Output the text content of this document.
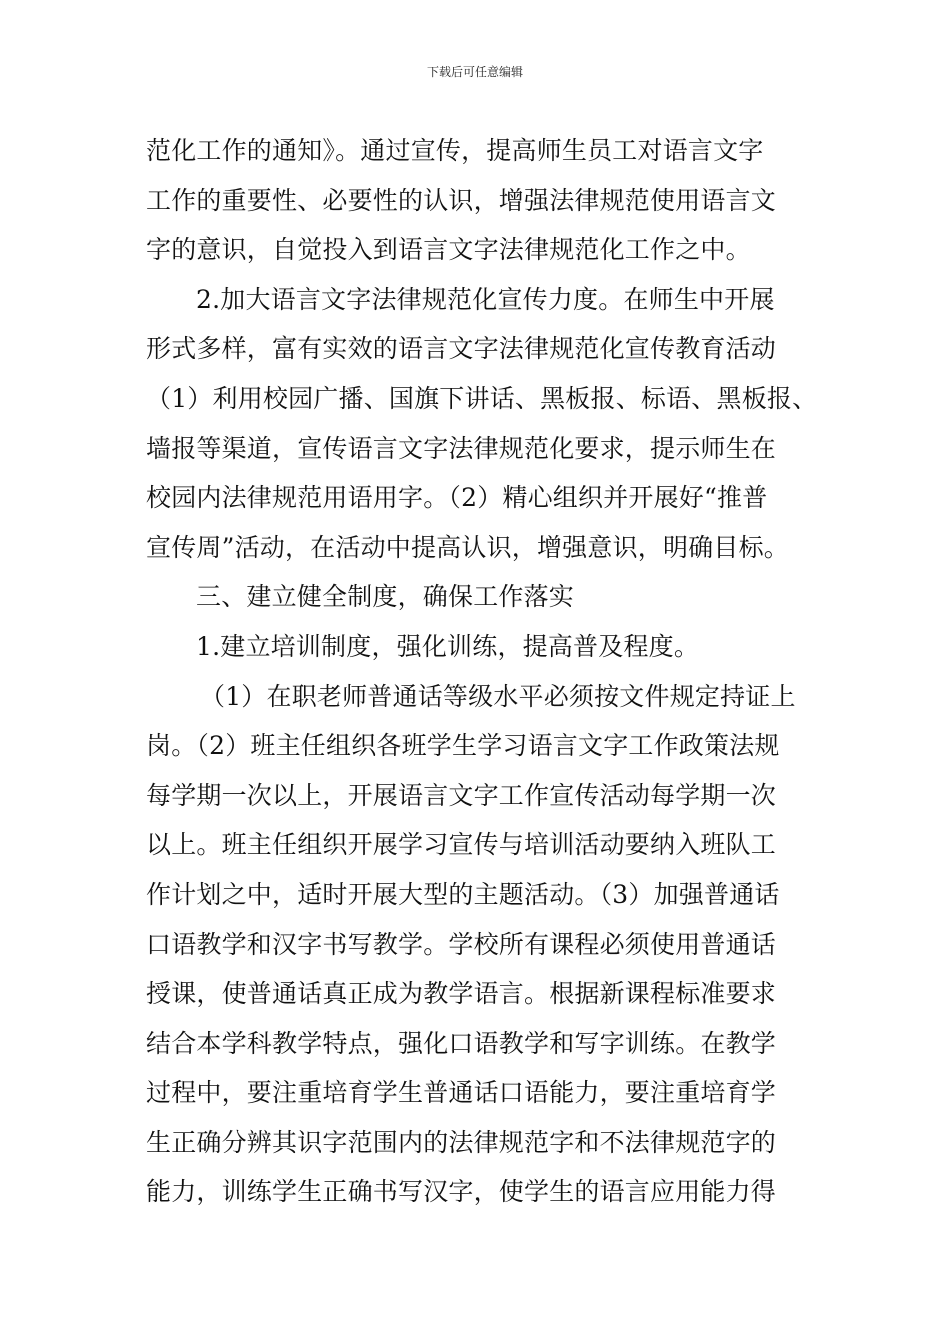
下载后可任意编辑
范化工作的通知》。通过宣传，提高师生员工对语言文字
工作的重要性、必要性的认识，增强法律规范使用语言文
字的意识，自觉投入到语言文字法律规范化工作之中。
2.加大语言文字法律规范化宣传力度。在师生中开展
形式多样，富有实效的语言文字法律规范化宣传教育活动
（1）利用校园广播、国旗下讲话、黑板报、标语、黑板报、
墙报等渠道，宣传语言文字法律规范化要求，提示师生在
校园内法律规范用语用字。（2）精心组织并开展好“推普
宣传周”活动，在活动中提高认识，增强意识，明确目标。
三、建立健全制度，确保工作落实
1.建立培训制度，强化训练，提高普及程度。
（1）在职老师普通话等级水平必须按文件规定持证上
岗。（2）班主任组织各班学生学习语言文字工作政策法规
每学期一次以上，开展语言文字工作宣传活动每学期一次
以上。班主任组织开展学习宣传与培训活动要纳入班队工
作计划之中，适时开展大型的主题活动。（3）加强普通话
口语教学和汉字书写教学。学校所有课程必须使用普通话
授课，使普通话真正成为教学语言。根据新课程标准要求
结合本学科教学特点，强化口语教学和写字训练。在教学
过程中，要注重培育学生普通话口语能力，要注重培育学
生正确分辨其识字范围内的法律规范字和不法律规范字的
能力，训练学生正确书写汉字，使学生的语言应用能力得
